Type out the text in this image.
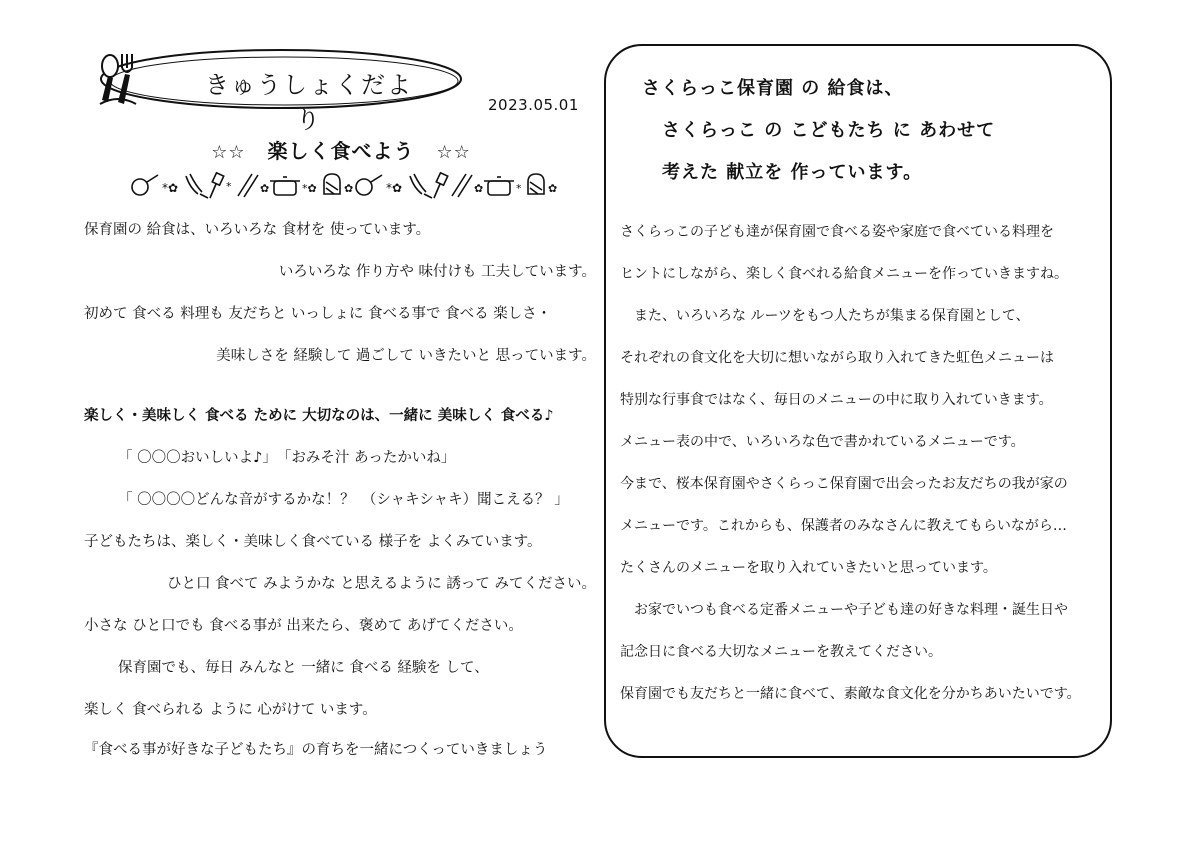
きゅうしょくだより
2023.05.01
☆☆ 楽しく食べよう ☆☆
*✿	*	✿	*✿ ✿	*✿	✿	* ✿
保育園の 給食は、いろいろな 食材を 使っています。
いろいろな 作り方や 味付けも 工夫しています。
初めて 食べる 料理も 友だちと いっしょに 食べる事で 食べる 楽しさ・
美味しさを 経験して 過ごして いきたいと 思っています。
楽しく・美味しく 食べる ために 大切なのは、一緒に 美味しく 食べる♪
「 〇〇〇おいしいよ♪」　「おみそ汁 あったかいね」
「 〇〇〇〇どんな音がするかな！？　（シャキシャキ）聞こえる？ 」
子どもたちは、楽しく・美味しく食べている 様子を よくみています。
ひと口 食べて みようかな と思えるように 誘って みてください。
小さな ひと口でも 食べる事が 出来たら、褒めて あげてください。
保育園でも、毎日 みんなと 一緒に 食べる 経験を して、
楽しく 食べられる ように 心がけて います。
『食べる事が好きな子どもたち』の育ちを一緒につくっていきましょう
さくらっこ保育園 の 給食は、
さくらっこ の こどもたち に あわせて
考えた 献立を 作っています。
さくらっこの子ども達が保育園で食べる姿や家庭で食べている料理を
ヒントにしながら、楽しく食べれる給食メニューを作っていきますね。
　また、いろいろな ルーツをもつ人たちが集まる保育園として、
それぞれの食文化を大切に想いながら取り入れてきた虹色メニューは
特別な行事食ではなく、毎日のメニューの中に取り入れていきます。
メニュー表の中で、いろいろな色で書かれているメニューです。
今まで、桜本保育園やさくらっこ保育園で出会ったお友だちの我が家の
メニューです。これからも、保護者のみなさんに教えてもらいながら…
たくさんのメニューを取り入れていきたいと思っています。
　お家でいつも食べる定番メニューや子ども達の好きな料理・誕生日や
記念日に食べる大切なメニューを教えてください。
保育園でも友だちと一緒に食べて、素敵な食文化を分かちあいたいです。
